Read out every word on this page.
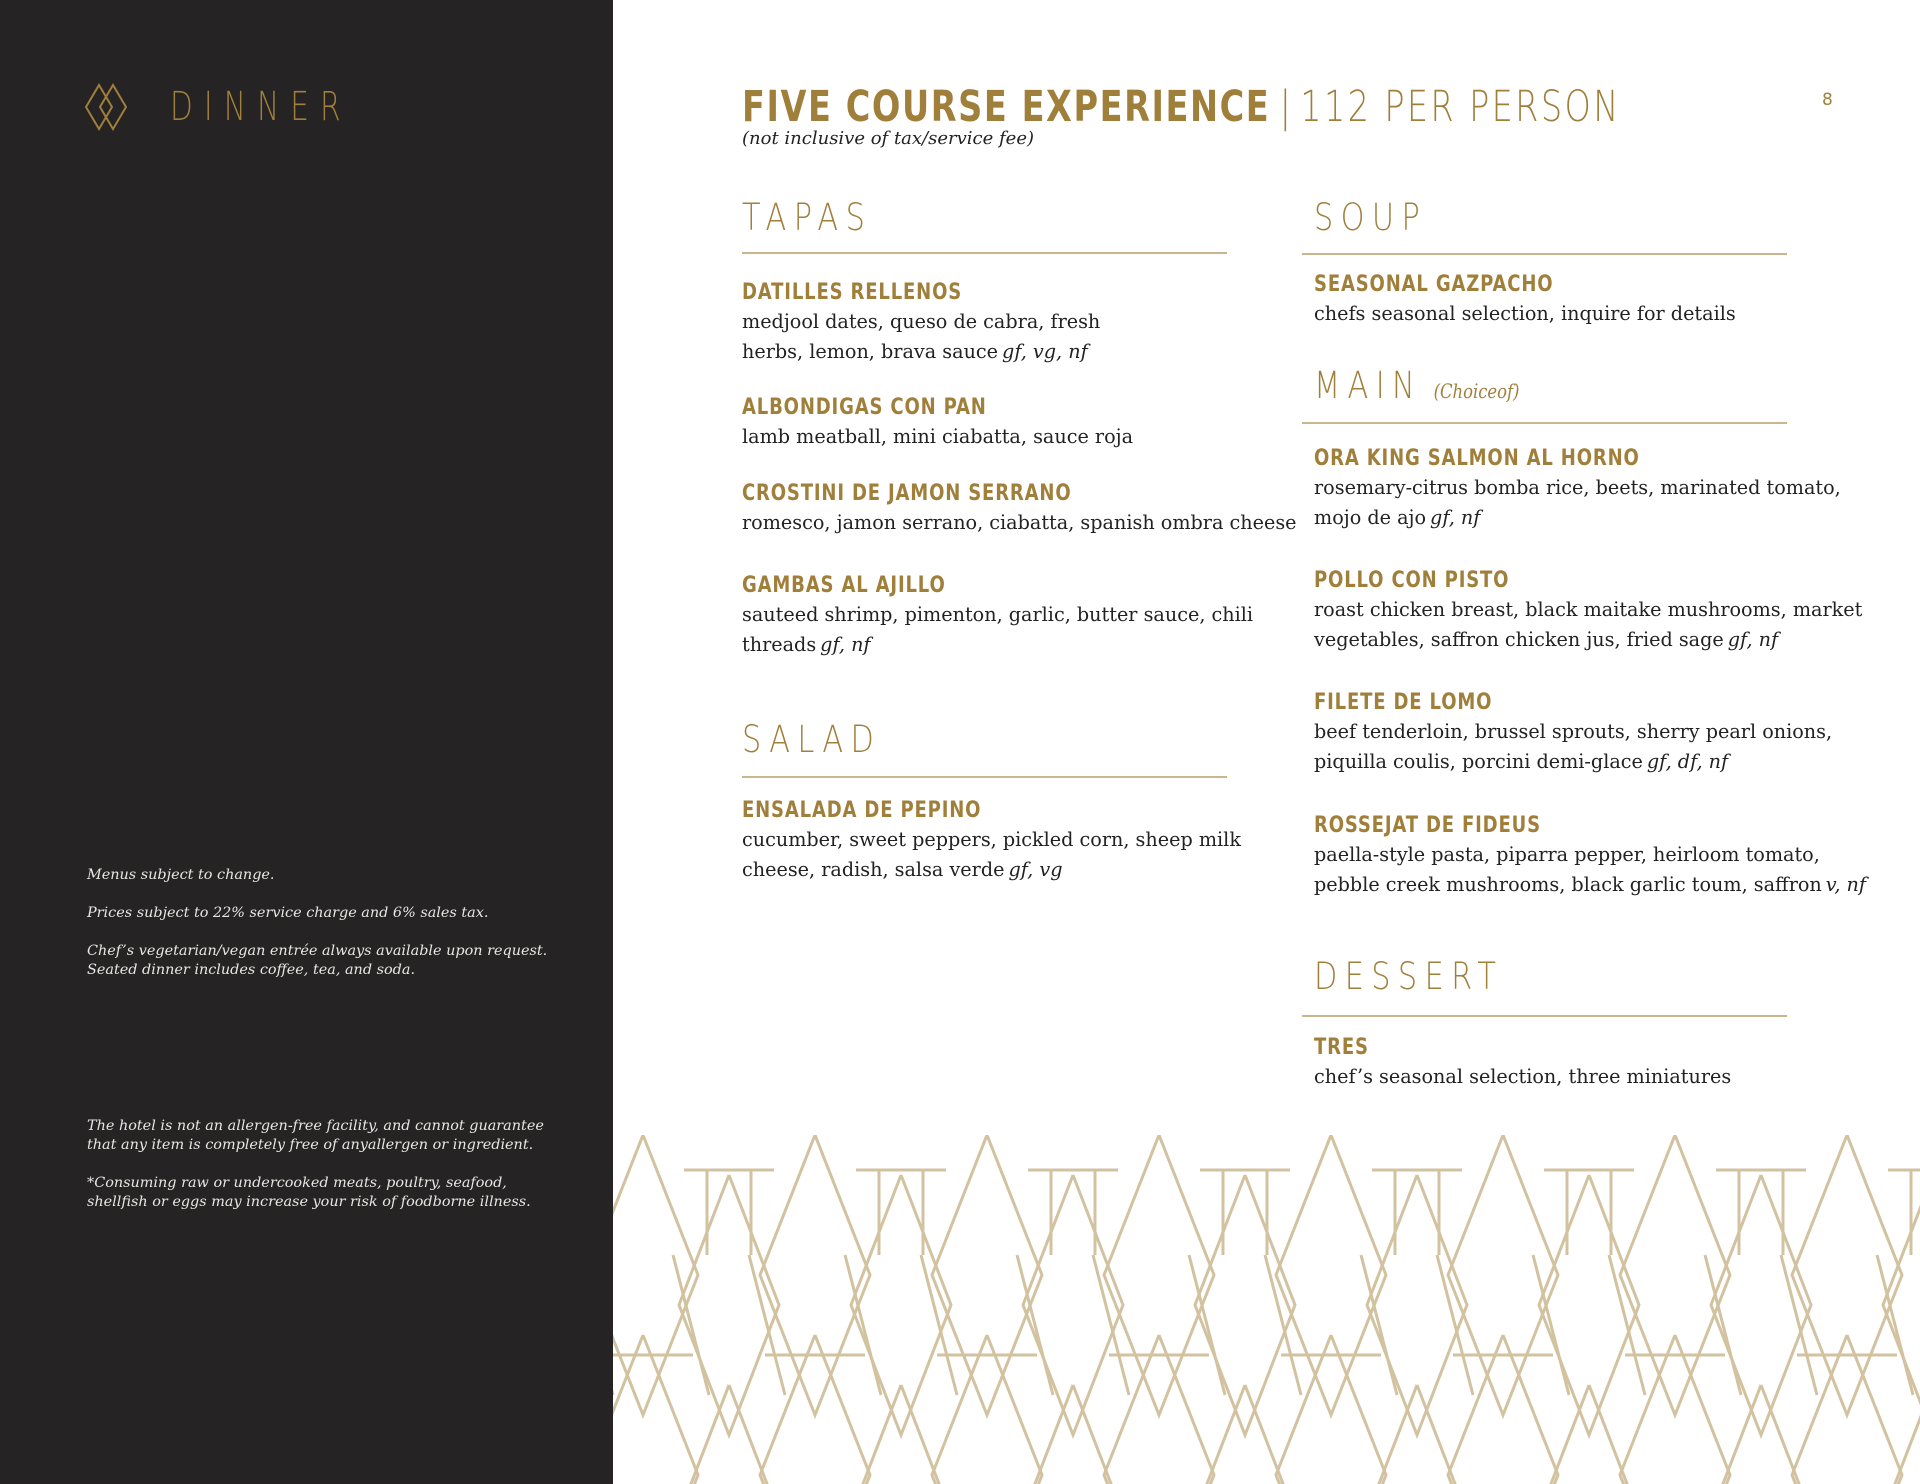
DINNER

Menus subject to change.

Prices subject to 22% service charge and 6% sales tax.

Chef’s vegetarian/vegan entrée always available upon request.
Seated dinner includes coffee, tea, and soda.
The hotel is not an allergen-free facility, and cannot guarantee
that any item is completely free of anyallergen or ingredient.
*Consuming raw or undercooked meats, poultry, seafood,
shellfish or eggs may increase your risk of foodborne illness.
8
FIVE COURSE EXPERIENCE | 112 PER PERSON
(not inclusive of tax/service fee)
TAPAS
DATILLES RELLENOS
medjool dates, queso de cabra, fresh
herbs, lemon, brava sauce gf, vg, nf
ALBONDIGAS CON PAN
lamb meatball, mini ciabatta, sauce roja
CROSTINI DE JAMON SERRANO
romesco, jamon serrano, ciabatta, spanish ombra cheese
GAMBAS AL AJILLO
sauteed shrimp, pimenton, garlic, butter sauce, chili
threads gf, nf
SALAD
ENSALADA DE PEPINO
cucumber, sweet peppers, pickled corn, sheep milk
cheese, radish, salsa verde gf, vg
SOUP
SEASONAL GAZPACHO
chefs seasonal selection, inquire for details
MAIN (Choiceof)
ORA KING SALMON AL HORNO
rosemary-citrus bomba rice, beets, marinated tomato,
mojo de ajo gf, nf
POLLO CON PISTO
roast chicken breast, black maitake mushrooms, market
vegetables, saffron chicken jus, fried sage gf, nf
FILETE DE LOMO
beef tenderloin, brussel sprouts, sherry pearl onions,
piquilla coulis, porcini demi-glace gf, df, nf
ROSSEJAT DE FIDEUS
paella-style pasta, piparra pepper, heirloom tomato,
pebble creek mushrooms, black garlic toum, saffron v, nf
DESSERT
TRES
chef’s seasonal selection, three miniatures
